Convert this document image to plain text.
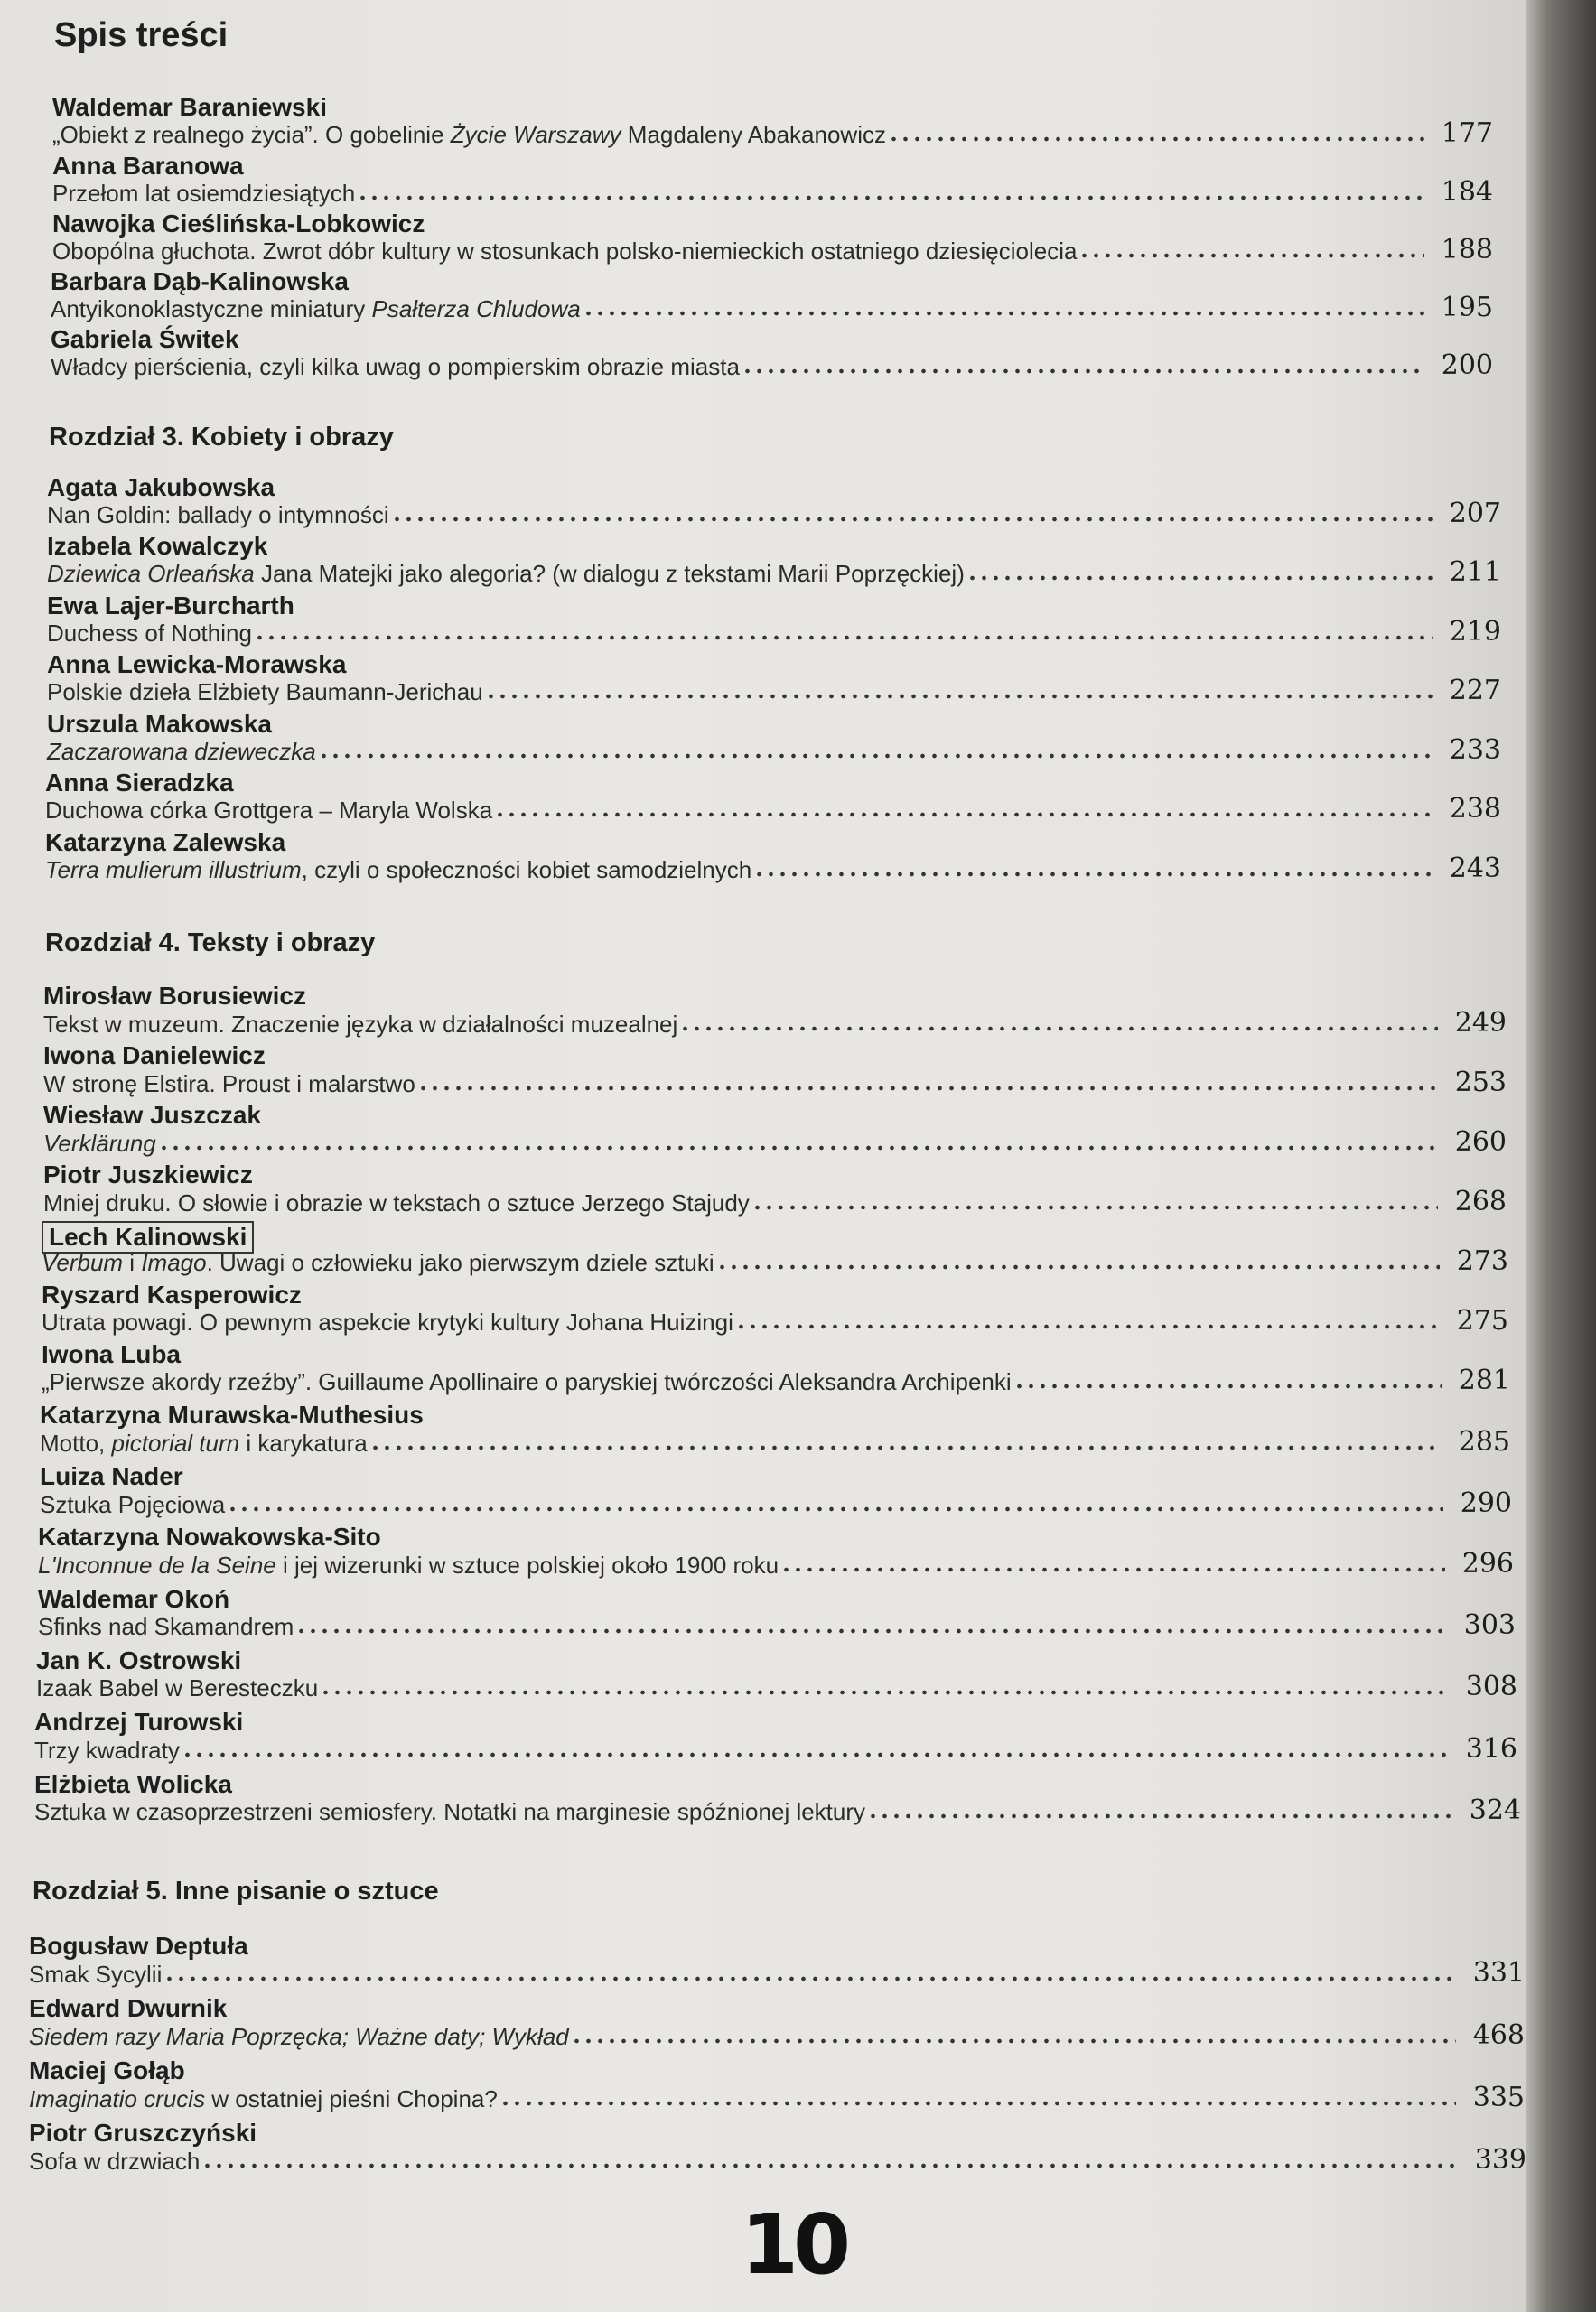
Spis treści
Waldemar Baraniewski
„Obiekt z realnego życia”. O gobelinie Życie Warszawy Magdaleny Abakanowicz	177
Anna Baranowa
Przełom lat osiemdziesiątych	184
Nawojka Cieślińska-Lobkowicz
Obopólna głuchota. Zwrot dóbr kultury w stosunkach polsko-niemieckich ostatniego dziesięciolecia	188
Barbara Dąb-Kalinowska
Antyikonoklastyczne miniatury Psałterza Chludowa	195
Gabriela Świtek
Władcy pierścienia, czyli kilka uwag o pompierskim obrazie miasta	200
Rozdział 3. Kobiety i obrazy
Agata Jakubowska
Nan Goldin: ballady o intymności	207
Izabela Kowalczyk
Dziewica Orleańska Jana Matejki jako alegoria? (w dialogu z tekstami Marii Poprzęckiej)	211
Ewa Lajer-Burcharth
Duchess of Nothing	219
Anna Lewicka-Morawska
Polskie dzieła Elżbiety Baumann-Jerichau	227
Urszula Makowska
Zaczarowana dzieweczka	233
Anna Sieradzka
Duchowa córka Grottgera – Maryla Wolska	238
Katarzyna Zalewska
Terra mulierum illustrium, czyli o społeczności kobiet samodzielnych	243
Rozdział 4. Teksty i obrazy
Mirosław Borusiewicz
Tekst w muzeum. Znaczenie języka w działalności muzealnej	249
Iwona Danielewicz
W stronę Elstira. Proust i malarstwo	253
Wiesław Juszczak
Verklärung	260
Piotr Juszkiewicz
Mniej druku. O słowie i obrazie w tekstach o sztuce Jerzego Stajudy	268
Lech Kalinowski
Verbum i Imago. Uwagi o człowieku jako pierwszym dziele sztuki	273
Ryszard Kasperowicz
Utrata powagi. O pewnym aspekcie krytyki kultury Johana Huizingi	275
Iwona Luba
„Pierwsze akordy rzeźby”. Guillaume Apollinaire o paryskiej twórczości Aleksandra Archipenki	281
Katarzyna Murawska-Muthesius
Motto, pictorial turn i karykatura	285
Luiza Nader
Sztuka Pojęciowa	290
Katarzyna Nowakowska-Sito
L'Inconnue de la Seine i jej wizerunki w sztuce polskiej około 1900 roku	296
Waldemar Okoń
Sfinks nad Skamandrem	303
Jan K. Ostrowski
Izaak Babel w Beresteczku	308
Andrzej Turowski
Trzy kwadraty	316
Elżbieta Wolicka
Sztuka w czasoprzestrzeni semiosfery. Notatki na marginesie spóźnionej lektury	324
Rozdział 5. Inne pisanie o sztuce
Bogusław Deptuła
Smak Sycylii	331
Edward Dwurnik
Siedem razy Maria Poprzęcka; Ważne daty; Wykład	468
Maciej Gołąb
Imaginatio crucis w ostatniej pieśni Chopina?	335
Piotr Gruszczyński
Sofa w drzwiach	339
10
